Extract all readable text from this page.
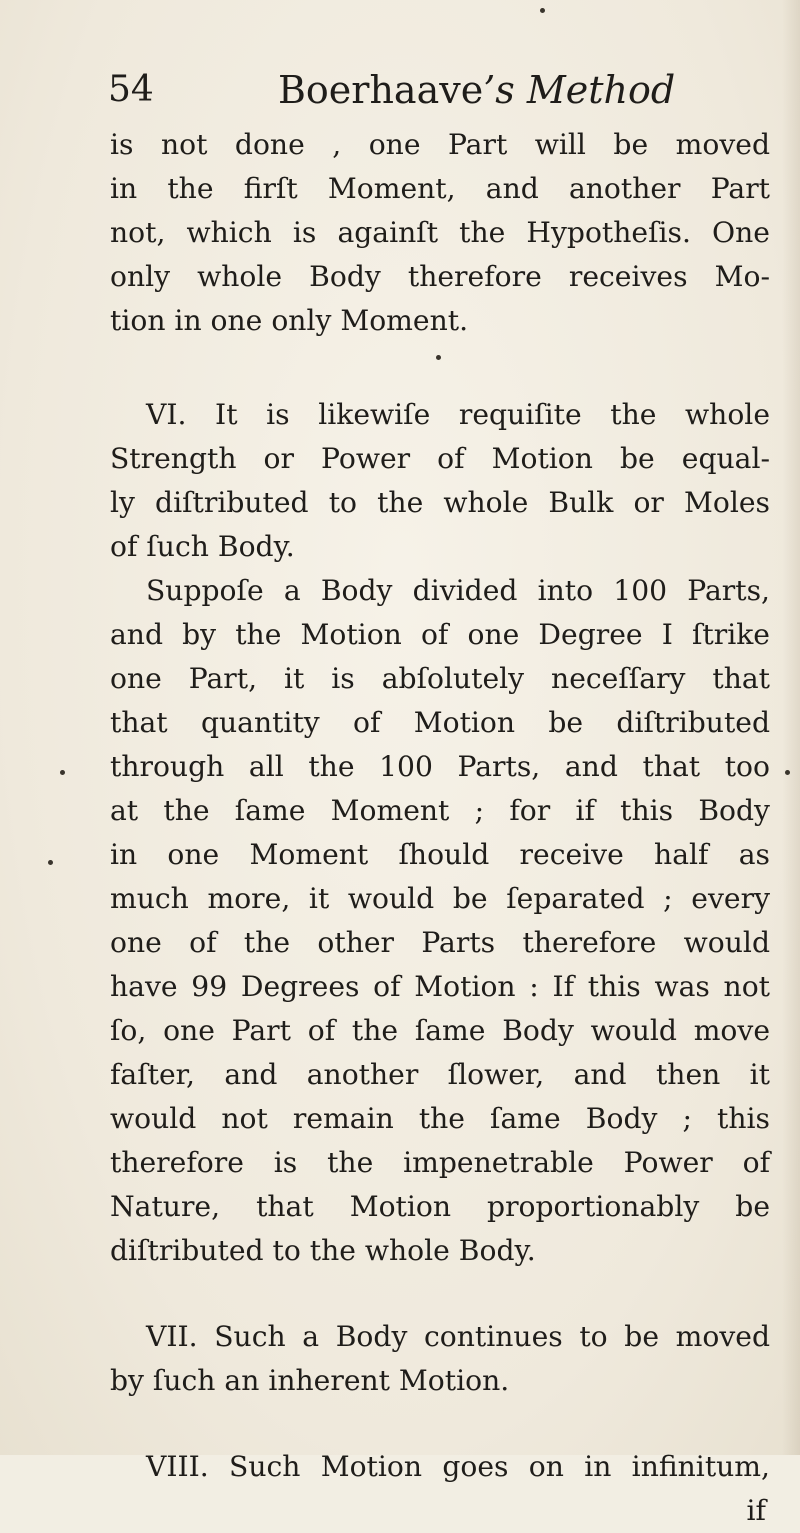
54	Boerhaave’s Method
is not done , one Part will be moved
in the firſt Moment, and another Part
not, which is againſt the Hypotheſis. One
only whole Body therefore receives Mo-
tion in one only Moment.
VI. It is likewiſe requiſite the whole
Strength or Power of Motion be equal-
ly diſtributed to the whole Bulk or Moles
of ſuch Body.
Suppoſe a Body divided into 100 Parts,
and by the Motion of one Degree I ſtrike
one Part, it is abſolutely neceſſary that
that quantity of Motion be diſtributed
through all the 100 Parts, and that too
at the ſame Moment ; for if this Body
in one Moment ſhould receive half as
much more, it would be ſeparated ; every
one of the other Parts therefore would
have 99 Degrees of Motion : If this was not
ſo, one Part of the ſame Body would move
faſter, and another ſlower, and then it
would not remain the ſame Body ; this
therefore is the impenetrable Power of
Nature, that Motion proportionably be
diſtributed to the whole Body.
VII. Such a Body continues to be moved
by ſuch an inherent Motion.
VIII. Such Motion goes on in infinitum,
if
